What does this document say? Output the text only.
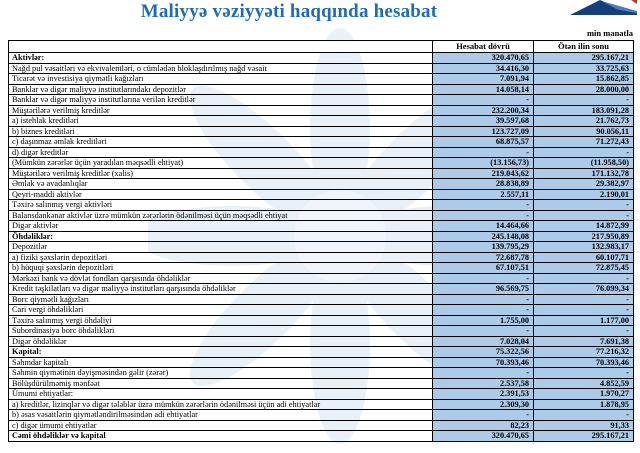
Maliyyə vəziyyəti haqqında hesabat
min manatla
	Hesabat dövrü	Ötən ilin sonu
Aktivlər:	320.470,65	295.167,21
Nağd pul vəsaitləri və ekvivalentləri, o cümlədən bloklaşdırılmış nağd vəsait	34.416,30	33.725,63
Ticarət və investisiya qiymətli kağızları	7.091,94	15.862,85
Banklar və digər maliyyə institutlarındakı depozitlər	14.058,14	28.000,00
Banklar və digər maliyyə institutlarına verilən kreditlər	-	-
Müştərilərə verilmiş kreditlər	232.200,34	183.091,28
a) istehlak kreditləri	39.597,68	21.762,73
b) biznes kreditləri	123.727,09	90.056,11
c) daşınmaz əmlak kreditləri	68.875,57	71.272,43
d) digər kreditlər	-	-
(Mümkün zərərlər üçün yaradılan məqsədli ehtiyat)	(13.156,73)	(11.958,50)
Müştərilərə verilmiş kreditlər (xalis)	219.043,62	171.132,78
Əmlak və avadanlıqlar	28.838,89	29.382,97
Qeyri-maddi aktivlər	2.557,11	2.190,01
Təxirə salınmış vergi aktivləri	-	-
Balansdankənar aktivlər üzrə mümkün zərərlərin ödənilməsi üçün məqsədli ehtiyat	-	-
Digər aktivlər	14.464,66	14.872,99
Öhdəliklər:	245.148,08	217.950,89
Depozitlər	139.795,29	132.983,17
a) fiziki şəxslərin depozitləri	72.687,78	60.107,71
b) hüquqi şəxslərin depozitləri	67.107,51	72.875,45
Mərkəzi bank və dövlət fondları qarşısında öhdəliklər	-	-
Kredit təşkilatları və digər maliyyə institutları qarşısında öhdəliklər	96.569,75	76.099,34
Borc qiymətli kağızları	-	-
Cari vergi öhdəlikləri	-	-
Təxirə salınmış vergi öhdəliyi	1.755,00	1.177,00
Subordinasiya borc öhdəlikləri	-	-
Digər öhdəliklər	7.028,04	7.691,38
Kapital:	75.322,56	77.216,32
Səhmdar kapitalı	70.393,46	70.393,46
Səhmin qiymətinin dəyişməsindən gəlir (zərər)	-	-
Bölüşdürülməmiş mənfəət	2.537,58	4.852,59
Ümumi ehtiyatlar:	2.391,53	1.970,27
a) kreditlər, lizinqlər və digər tələblər üzrə mümkün zərərlərin ödənilməsi üçün adi ehtiyatlar	2.309,30	1.878,95
b) əsas vəsaitlərin qiymətləndirilməsindən adi ehtiyatlar	-	-
c) digər ümumi ehtiyatlar	82,23	91,33
Cəmi öhdəliklər və kapital	320.470,65	295.167,21
